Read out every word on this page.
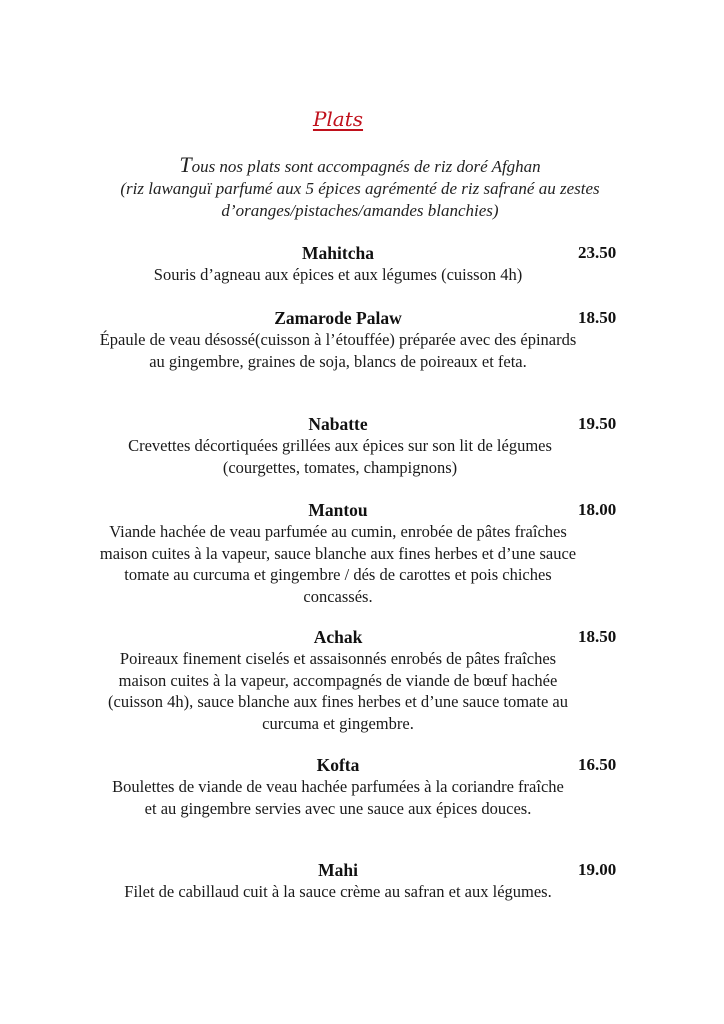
Plats
Tous nos plats sont accompagnés de riz doré Afghan
(riz lawanguï parfumé aux 5 épices agrémenté de riz safrané au zestes d’oranges/pistaches/amandes blanchies)
Mahitcha
Souris d’agneau aux épices et aux légumes (cuisson 4h)
23.50
Zamarode Palaw
Épaule de veau désossé(cuisson à l’étouffée) préparée avec des épinards au gingembre, graines de soja, blancs de poireaux et feta.
18.50
Nabatte
Crevettes décortiquées grillées aux épices sur son lit de légumes (courgettes, tomates, champignons)
19.50
Mantou
Viande hachée de veau parfumée au cumin, enrobée de pâtes fraîches maison cuites à la vapeur, sauce blanche aux fines herbes et d’une sauce tomate au curcuma et gingembre / dés de carottes et pois chiches concassés.
18.00
Achak
Poireaux finement ciselés et assaisonnés enrobés de pâtes fraîches maison cuites à la vapeur, accompagnés de viande de bœuf hachée (cuisson 4h), sauce blanche aux fines herbes et d’une sauce tomate au curcuma et gingembre.
18.50
Kofta
Boulettes de viande de veau hachée parfumées à la coriandre fraîche et au gingembre servies avec une sauce aux épices douces.
16.50
Mahi
Filet de cabillaud cuit à la sauce crème au safran et aux légumes.
19.00
